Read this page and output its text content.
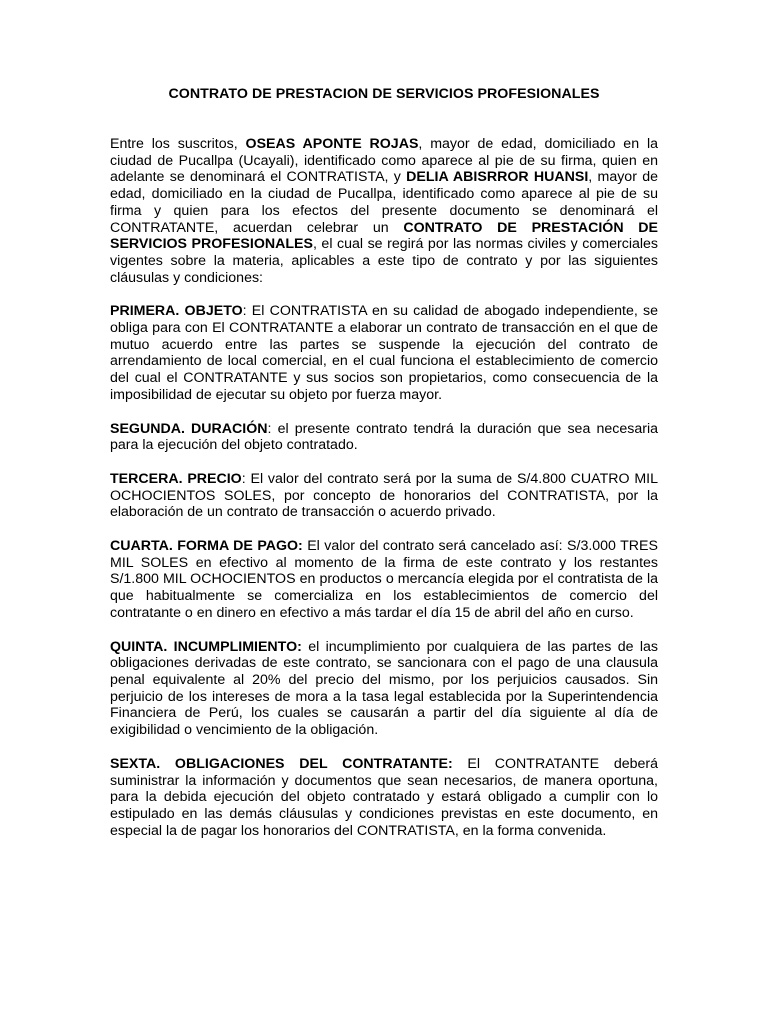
CONTRATO DE PRESTACION DE SERVICIOS PROFESIONALES

Entre los suscritos, OSEAS APONTE ROJAS, mayor de edad, domiciliado en la ciudad de Pucallpa (Ucayali), identificado como aparece al pie de su firma, quien en adelante se denominará el CONTRATISTA, y DELIA ABISRROR HUANSI, mayor de edad, domiciliado en la ciudad de Pucallpa, identificado como aparece al pie de su firma y quien para los efectos del presente documento se denominará el CONTRATANTE, acuerdan celebrar un CONTRATO DE PRESTACIÓN DE SERVICIOS PROFESIONALES, el cual se regirá por las normas civiles y comerciales vigentes sobre la materia, aplicables a este tipo de contrato y por las siguientes cláusulas y condiciones:

PRIMERA. OBJETO: El CONTRATISTA en su calidad de abogado independiente, se obliga para con El CONTRATANTE a elaborar un contrato de transacción en el que de mutuo acuerdo entre las partes se suspende la ejecución del contrato de arrendamiento de local comercial, en el cual funciona el establecimiento de comercio del cual el CONTRATANTE y sus socios son propietarios, como consecuencia de la imposibilidad de ejecutar su objeto por fuerza mayor.

SEGUNDA. DURACIÓN: el presente contrato tendrá la duración que sea necesaria para la ejecución del objeto contratado.

TERCERA. PRECIO: El valor del contrato será por la suma de S/4.800 CUATRO MIL OCHOCIENTOS SOLES, por concepto de honorarios del CONTRATISTA, por la elaboración de un contrato de transacción o acuerdo privado.

CUARTA. FORMA DE PAGO: El valor del contrato será cancelado así: S/3.000 TRES MIL SOLES en efectivo al momento de la firma de este contrato y los restantes S/1.800 MIL OCHOCIENTOS en productos o mercancía elegida por el contratista de la que habitualmente se comercializa en los establecimientos de comercio del contratante o en dinero en efectivo a más tardar el día 15 de abril del año en curso.

QUINTA. INCUMPLIMIENTO: el incumplimiento por cualquiera de las partes de las obligaciones derivadas de este contrato, se sancionara con el pago de una clausula penal equivalente al 20% del precio del mismo, por los perjuicios causados. Sin perjuicio de los intereses de mora a la tasa legal establecida por la Superintendencia Financiera de Perú, los cuales se causarán a partir del día siguiente al día de exigibilidad o vencimiento de la obligación.

SEXTA. OBLIGACIONES DEL CONTRATANTE: El CONTRATANTE deberá suministrar la información y documentos que sean necesarios, de manera oportuna, para la debida ejecución del objeto contratado y estará obligado a cumplir con lo estipulado en las demás cláusulas y condiciones previstas en este documento, en especial la de pagar los honorarios del CONTRATISTA, en la forma convenida.
